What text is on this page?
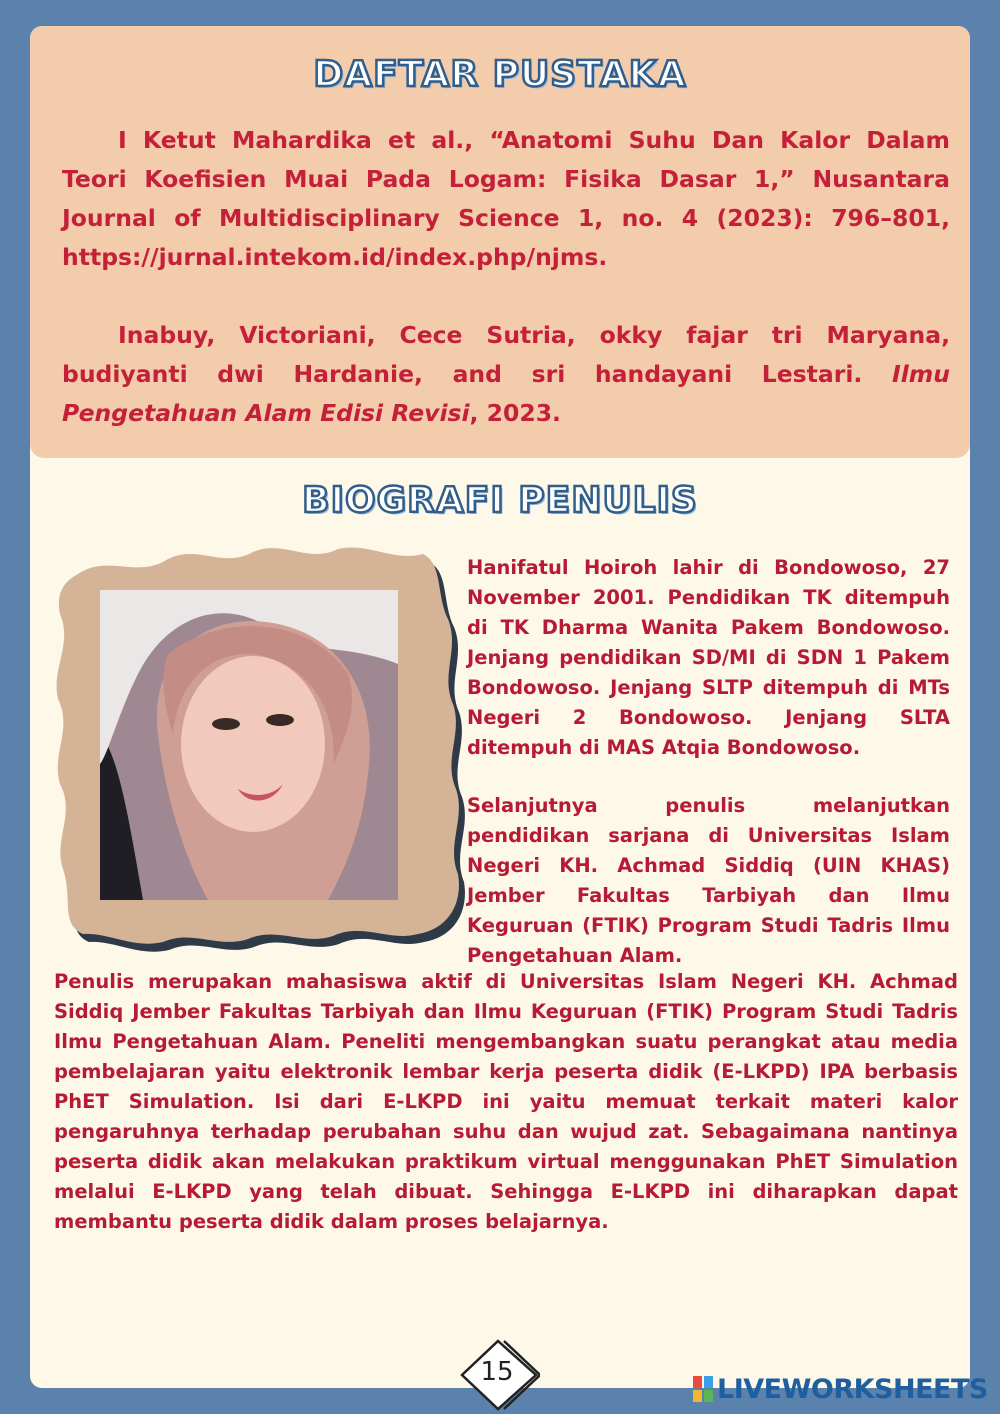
DAFTAR PUSTAKA

I Ketut Mahardika et al., “Anatomi Suhu Dan Kalor Dalam Teori Koefisien Muai Pada Logam: Fisika Dasar 1,” Nusantara Journal of Multidisciplinary Science 1, no. 4 (2023): 796–801, https://jurnal.intekom.id/index.php/njms.

Inabuy, Victoriani, Cece Sutria, okky fajar tri Maryana, budiyanti dwi Hardanie, and sri handayani Lestari. Ilmu Pengetahuan Alam Edisi Revisi, 2023.

BIOGRAFI PENULIS

Hanifatul Hoiroh lahir di Bondowoso, 27 November 2001. Pendidikan TK ditempuh di TK Dharma Wanita Pakem Bondowoso. Jenjang pendidikan SD/MI di SDN 1 Pakem Bondowoso. Jenjang SLTP ditempuh di MTs Negeri 2 Bondowoso. Jenjang SLTA ditempuh di MAS Atqia Bondowoso.

Selanjutnya penulis melanjutkan pendidikan sarjana di Universitas Islam Negeri KH. Achmad Siddiq (UIN KHAS) Jember Fakultas Tarbiyah dan Ilmu Keguruan (FTIK) Program Studi Tadris Ilmu Pengetahuan Alam.

Penulis merupakan mahasiswa aktif di Universitas Islam Negeri KH. Achmad Siddiq Jember Fakultas Tarbiyah dan Ilmu Keguruan (FTIK) Program Studi Tadris Ilmu Pengetahuan Alam. Peneliti mengembangkan suatu perangkat atau media pembelajaran yaitu elektronik lembar kerja peserta didik (E-LKPD) IPA berbasis PhET Simulation. Isi dari E-LKPD ini yaitu memuat terkait materi kalor pengaruhnya terhadap perubahan suhu dan wujud zat. Sebagaimana nantinya peserta didik akan melakukan praktikum virtual menggunakan PhET Simulation melalui E-LKPD yang telah dibuat. Sehingga E-LKPD ini diharapkan dapat membantu peserta didik dalam proses belajarnya.

15
LIVEWORKSHEETS
